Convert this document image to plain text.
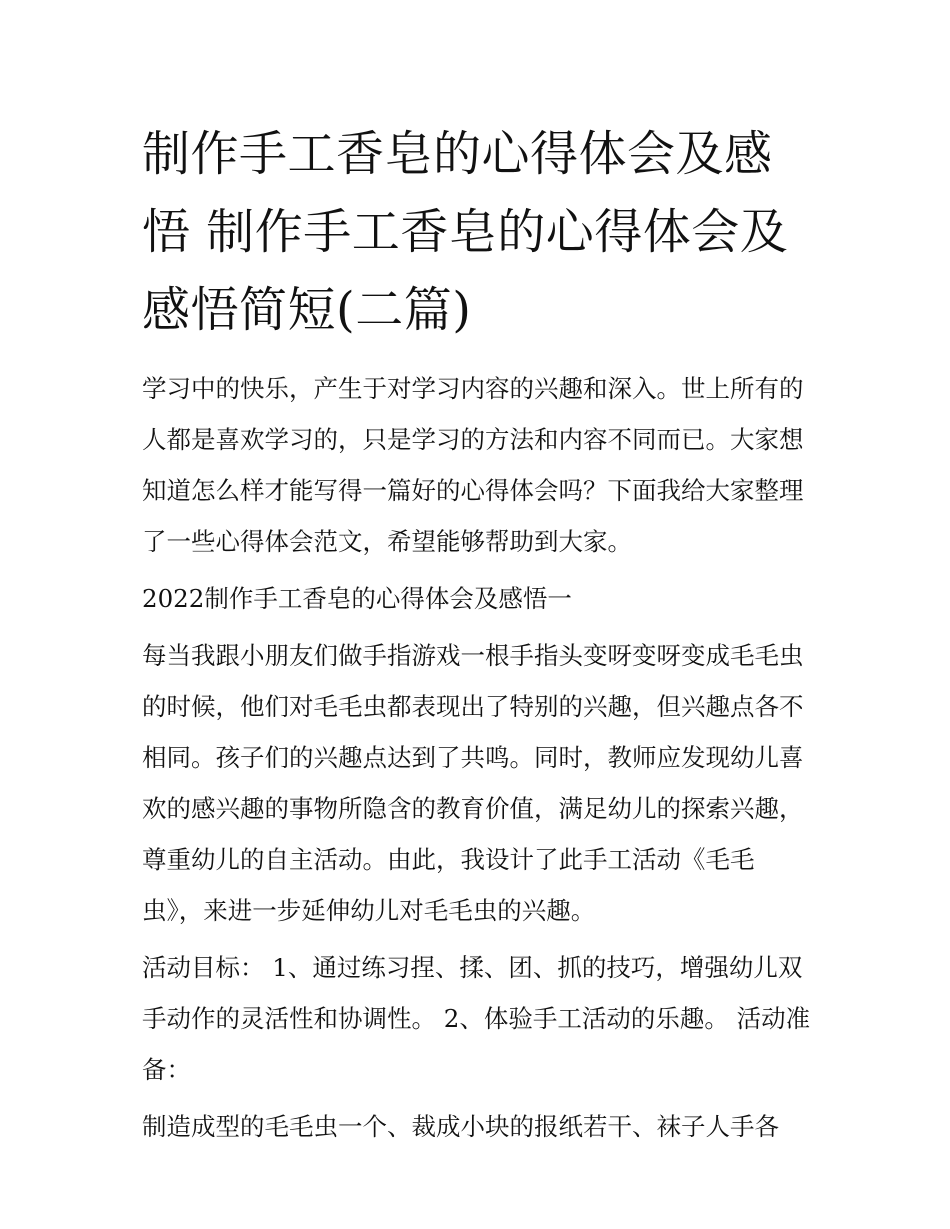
制作手工香皂的心得体会及感悟 制作手工香皂的心得体会及感悟简短(二篇)

学习中的快乐，产生于对学习内容的兴趣和深入。世上所有的人都是喜欢学习的，只是学习的方法和内容不同而已。大家想知道怎么样才能写得一篇好的心得体会吗？下面我给大家整理了一些心得体会范文，希望能够帮助到大家。

2022制作手工香皂的心得体会及感悟一

每当我跟小朋友们做手指游戏一根手指头变呀变呀变成毛毛虫的时候，他们对毛毛虫都表现出了特别的兴趣，但兴趣点各不相同。孩子们的兴趣点达到了共鸣。同时，教师应发现幼儿喜欢的感兴趣的事物所隐含的教育价值，满足幼儿的探索兴趣，尊重幼儿的自主活动。由此，我设计了此手工活动《毛毛虫》，来进一步延伸幼儿对毛毛虫的兴趣。

活动目标： 1、通过练习捏、揉、团、抓的技巧，增强幼儿双手动作的灵活性和协调性。 2、体验手工活动的乐趣。 活动准备：

制造成型的毛毛虫一个、裁成小块的报纸若干、袜子人手各
